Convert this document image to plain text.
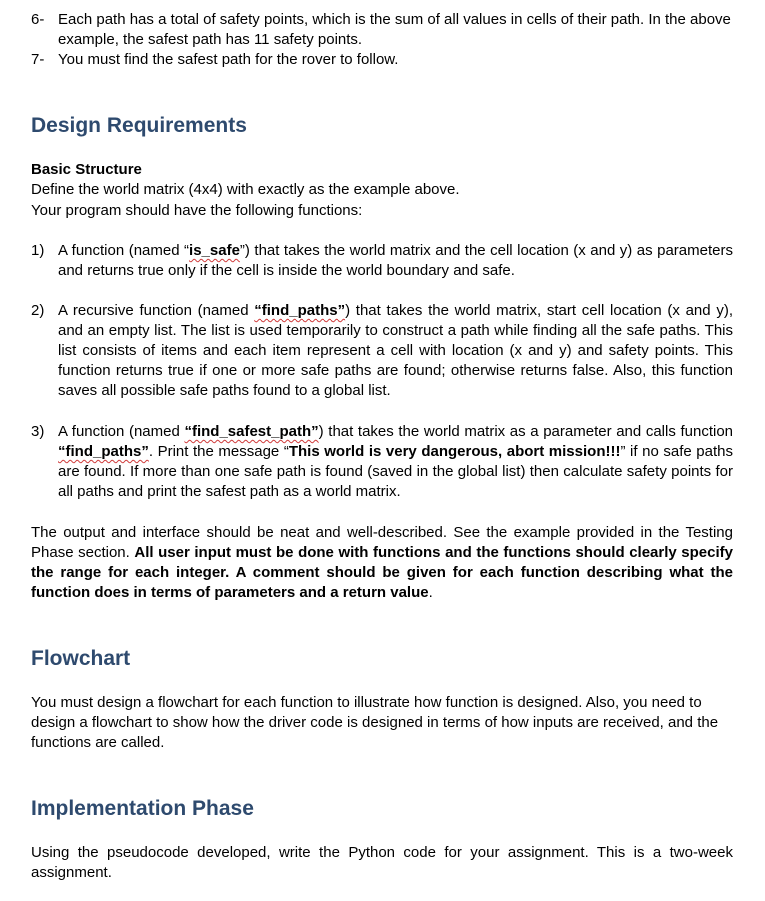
6- Each path has a total of safety points, which is the sum of all values in cells of their path. In the above example, the safest path has 11 safety points.
7- You must find the safest path for the rover to follow.
Design Requirements
Basic Structure
Define the world matrix (4x4) with exactly as the example above.
Your program should have the following functions:
1) A function (named “is_safe”) that takes the world matrix and the cell location (x and y) as parameters and returns true only if the cell is inside the world boundary and safe.
2) A recursive function (named “find_paths”) that takes the world matrix, start cell location (x and y), and an empty list. The list is used temporarily to construct a path while finding all the safe paths. This list consists of items and each item represent a cell with location (x and y) and safety points. This function returns true if one or more safe paths are found; otherwise returns false. Also, this function saves all possible safe paths found to a global list.
3) A function (named “find_safest_path”) that takes the world matrix as a parameter and calls function “find_paths”. Print the message “This world is very dangerous, abort mission!!!” if no safe paths are found. If more than one safe path is found (saved in the global list) then calculate safety points for all paths and print the safest path as a world matrix.
The output and interface should be neat and well-described. See the example provided in the Testing Phase section. All user input must be done with functions and the functions should clearly specify the range for each integer. A comment should be given for each function describing what the function does in terms of parameters and a return value.
Flowchart
You must design a flowchart for each function to illustrate how function is designed. Also, you need to design a flowchart to show how the driver code is designed in terms of how inputs are received, and the functions are called.
Implementation Phase
Using the pseudocode developed, write the Python code for your assignment. This is a two-week assignment.
